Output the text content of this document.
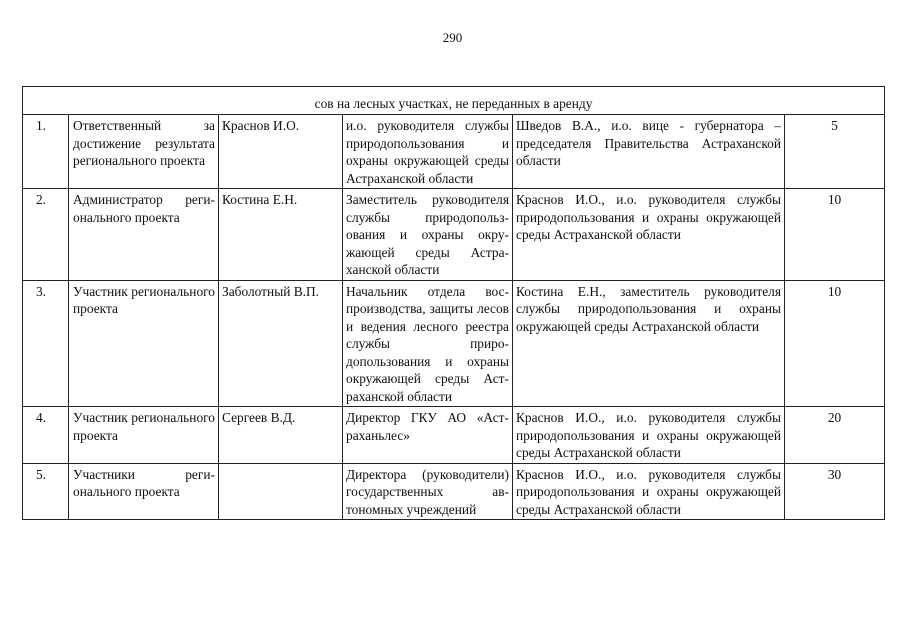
290
сов на лесных участках, не переданных в аренду					
1.	Ответственный за достижение результата регионального проекта	Краснов И.О.	и.о. руководителя службы природопользования и охраны окружающей среды Астраханской области	Шведов В.А., и.о. вице - губернатора – председателя Правительства Астраханской области	5
2.	Администратор регионального проекта	Костина Е.Н.	Заместитель руководителя службы природопользования и охраны окружающей среды Астраханской области	Краснов И.О., и.о. руководителя службы природопользования и охраны окружающей среды Астраханской области	10
3.	Участник регионального проекта	Заболотный В.П.	Начальник отдела воспроизводства, защиты лесов и ведения лесного реестра службы природопользования и охраны окружающей среды Астраханской области	Костина Е.Н., заместитель руководителя службы природопользования и охраны окружающей среды Астраханской области	10
4.	Участник регионального проекта	Сергеев В.Д.	Директор ГКУ АО «Астраханьлес»	Краснов И.О., и.о. руководителя службы природопользования и охраны окружающей среды Астраханской области	20
5.	Участники регионального проекта		Директора (руководители) государственных автономных учреждений	Краснов И.О., и.о. руководителя службы природопользования и охраны окружающей среды Астраханской области	30
